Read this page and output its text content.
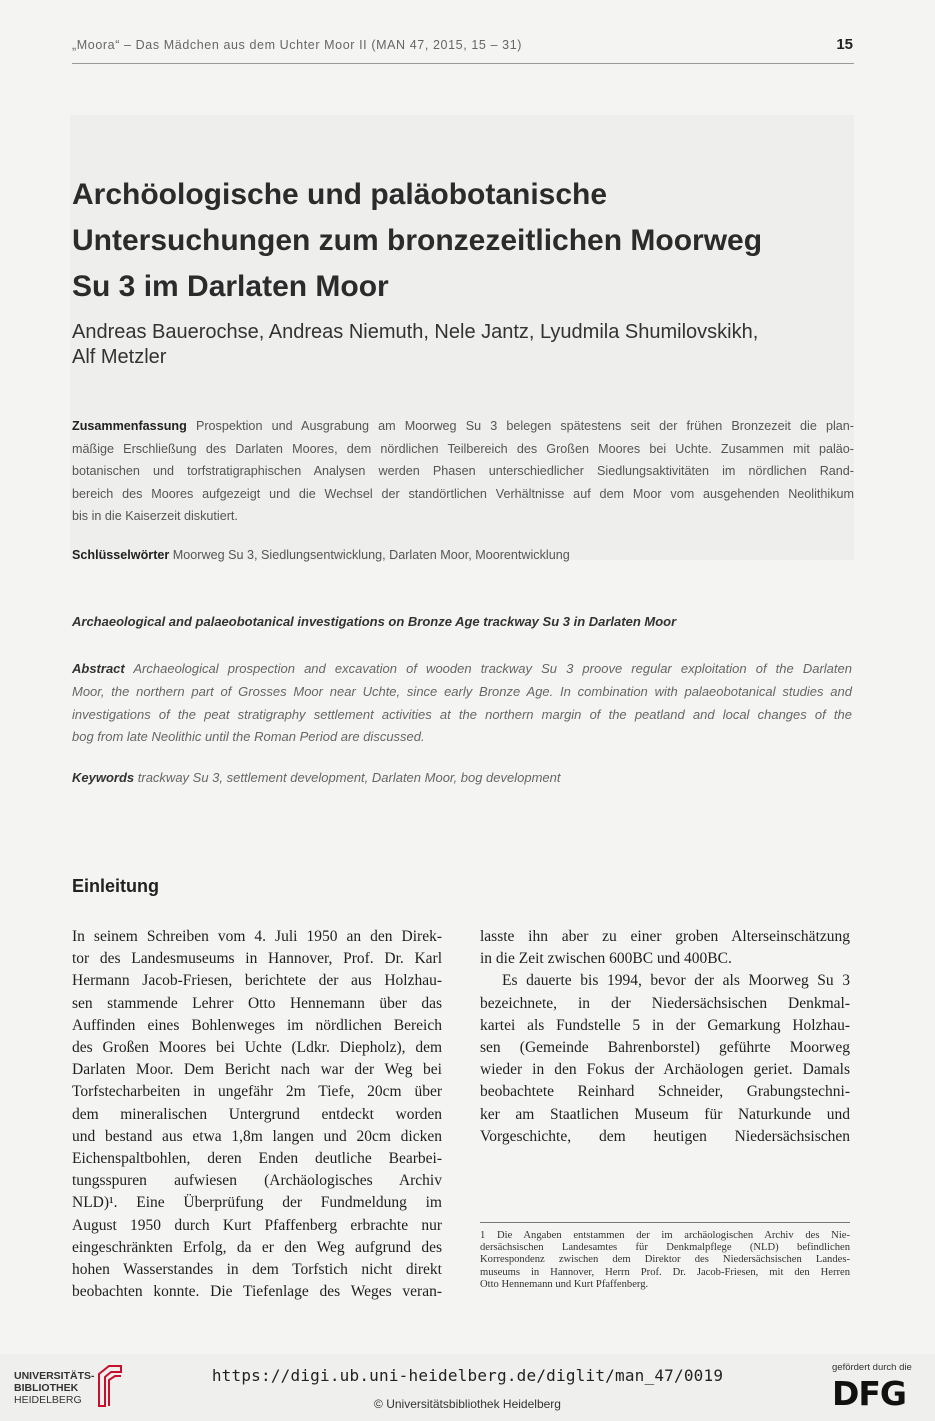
„Moora“ – Das Mädchen aus dem Uchter Moor II (MAN 47, 2015, 15 – 31)	15
Archöologische und paläobotanische
Untersuchungen zum bronzezeitlichen Moorweg
Su 3 im Darlaten Moor
Andreas Bauerochse, Andreas Niemuth, Nele Jantz, Lyudmila Shumilovskikh,
Alf Metzler
Zusammenfassung Prospektion und Ausgrabung am Moorweg Su 3 belegen spätestens seit der frühen Bronzezeit die plan-
mäßige Erschließung des Darlaten Moores, dem nördlichen Teilbereich des Großen Moores bei Uchte. Zusammen mit paläo-
botanischen und torfstratigraphischen Analysen werden Phasen unterschiedlicher Siedlungsaktivitäten im nördlichen Rand-
bereich des Moores aufgezeigt und die Wechsel der standörtlichen Verhältnisse auf dem Moor vom ausgehenden Neolithikum
bis in die Kaiserzeit diskutiert.
Schlüsselwörter Moorweg Su 3, Siedlungsentwicklung, Darlaten Moor, Moorentwicklung
Archaeological and palaeobotanical investigations on Bronze Age trackway Su 3 in Darlaten Moor
Abstract Archaeological prospection and excavation of wooden trackway Su 3 proove regular exploitation of the Darlaten
Moor, the northern part of Grosses Moor near Uchte, since early Bronze Age. In combination with palaeobotanical studies and
investigations of the peat stratigraphy settlement activities at the northern margin of the peatland and local changes of the
bog from late Neolithic until the Roman Period are discussed.
Keywords trackway Su 3, settlement development, Darlaten Moor, bog development
Einleitung
In seinem Schreiben vom 4. Juli 1950 an den Direk-
tor des Landesmuseums in Hannover, Prof. Dr. Karl
Hermann Jacob-Friesen, berichtete der aus Holzhau-
sen stammende Lehrer Otto Hennemann über das
Auffinden eines Bohlenweges im nördlichen Bereich
des Großen Moores bei Uchte (Ldkr. Diepholz), dem
Darlaten Moor. Dem Bericht nach war der Weg bei
Torfstecharbeiten in ungefähr 2m Tiefe, 20cm über
dem mineralischen Untergrund entdeckt worden
und bestand aus etwa 1,8m langen und 20cm dicken
Eichenspaltbohlen, deren Enden deutliche Bearbei-
tungsspuren aufwiesen (Archäologisches Archiv
NLD)¹. Eine Überprüfung der Fundmeldung im
August 1950 durch Kurt Pfaffenberg erbrachte nur
eingeschränkten Erfolg, da er den Weg aufgrund des
hohen Wasserstandes in dem Torfstich nicht direkt
beobachten konnte. Die Tiefenlage des Weges veran-
lasste ihn aber zu einer groben Alterseinschätzung
in die Zeit zwischen 600BC und 400BC.
Es dauerte bis 1994, bevor der als Moorweg Su 3
bezeichnete, in der Niedersächsischen Denkmal-
kartei als Fundstelle 5 in der Gemarkung Holzhau-
sen (Gemeinde Bahrenborstel) geführte Moorweg
wieder in den Fokus der Archäologen geriet. Damals
beobachtete Reinhard Schneider, Grabungstechni-
ker am Staatlichen Museum für Naturkunde und
Vorgeschichte, dem heutigen Niedersächsischen
1 Die Angaben entstammen der im archäologischen Archiv des Nie-
dersächsischen Landesamtes für Denkmalpflege (NLD) befindlichen
Korrespondenz zwischen dem Direktor des Niedersächsischen Landes-
museums in Hannover, Herrn Prof. Dr. Jacob-Friesen, mit den Herren
Otto Hennemann und Kurt Pfaffenberg.
UNIVERSITÄTS-
BIBLIOTHEK
HEIDELBERG
https://digi.ub.uni-heidelberg.de/diglit/man_47/0019
© Universitätsbibliothek Heidelberg
gefördert durch die
DFG
